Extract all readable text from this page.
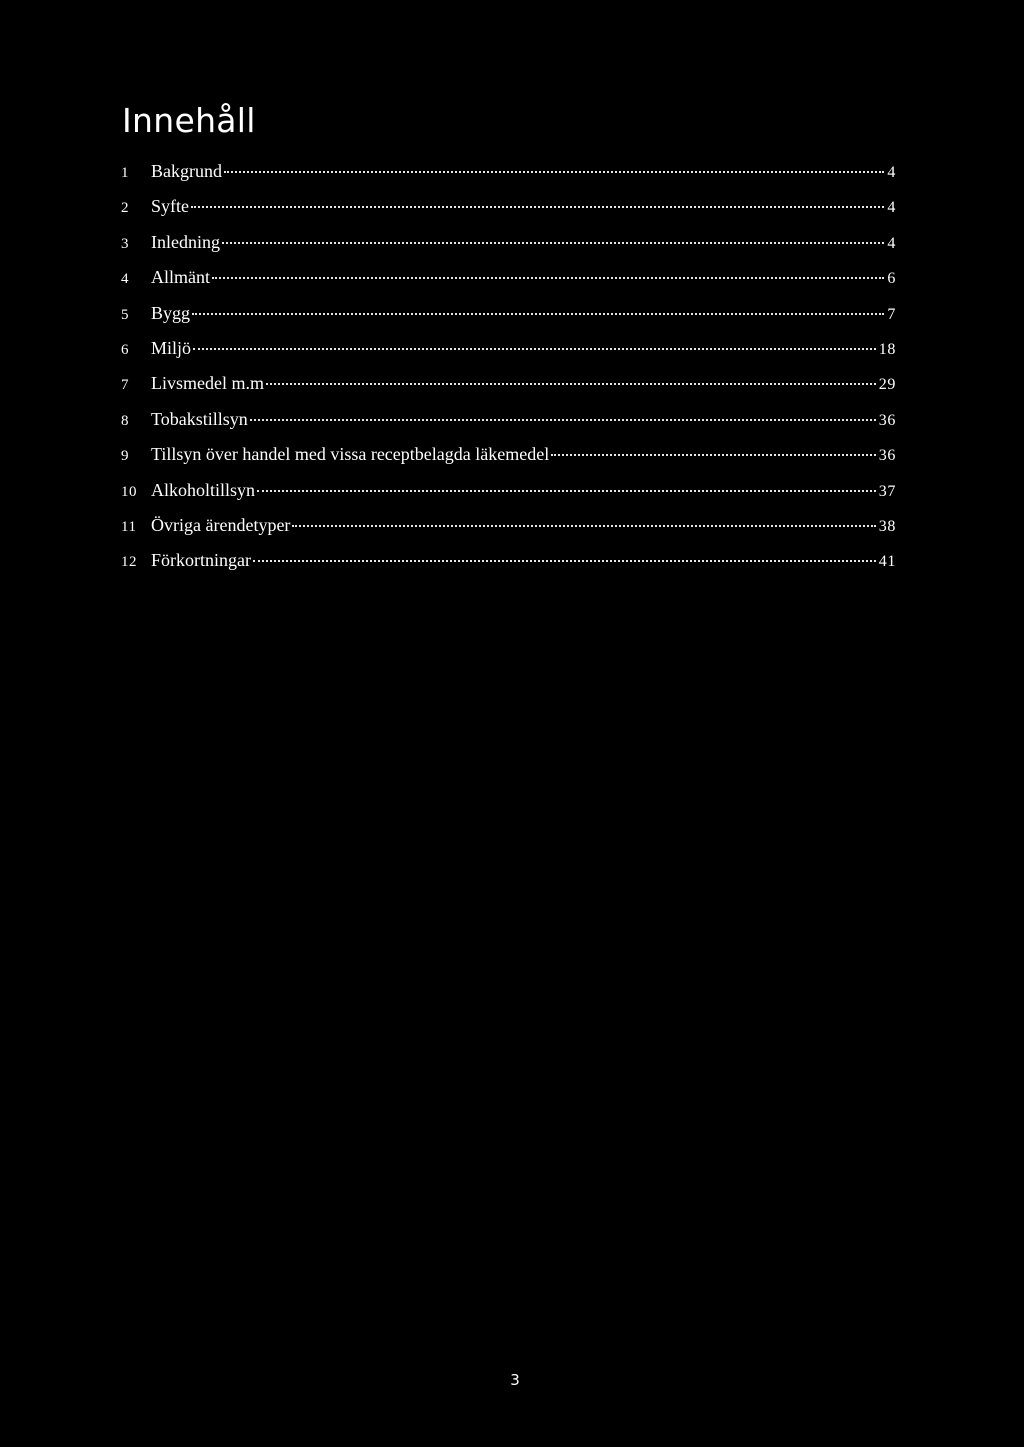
Innehåll
1	Bakgrund	4
2	Syfte	4
3	Inledning	4
4	Allmänt	6
5	Bygg	7
6	Miljö	18
7	Livsmedel m.m	29
8	Tobakstillsyn	36
9	Tillsyn över handel med vissa receptbelagda läkemedel	36
10 Alkoholtillsyn	37
11 Övriga ärendetyper	38
12 Förkortningar	41
3
